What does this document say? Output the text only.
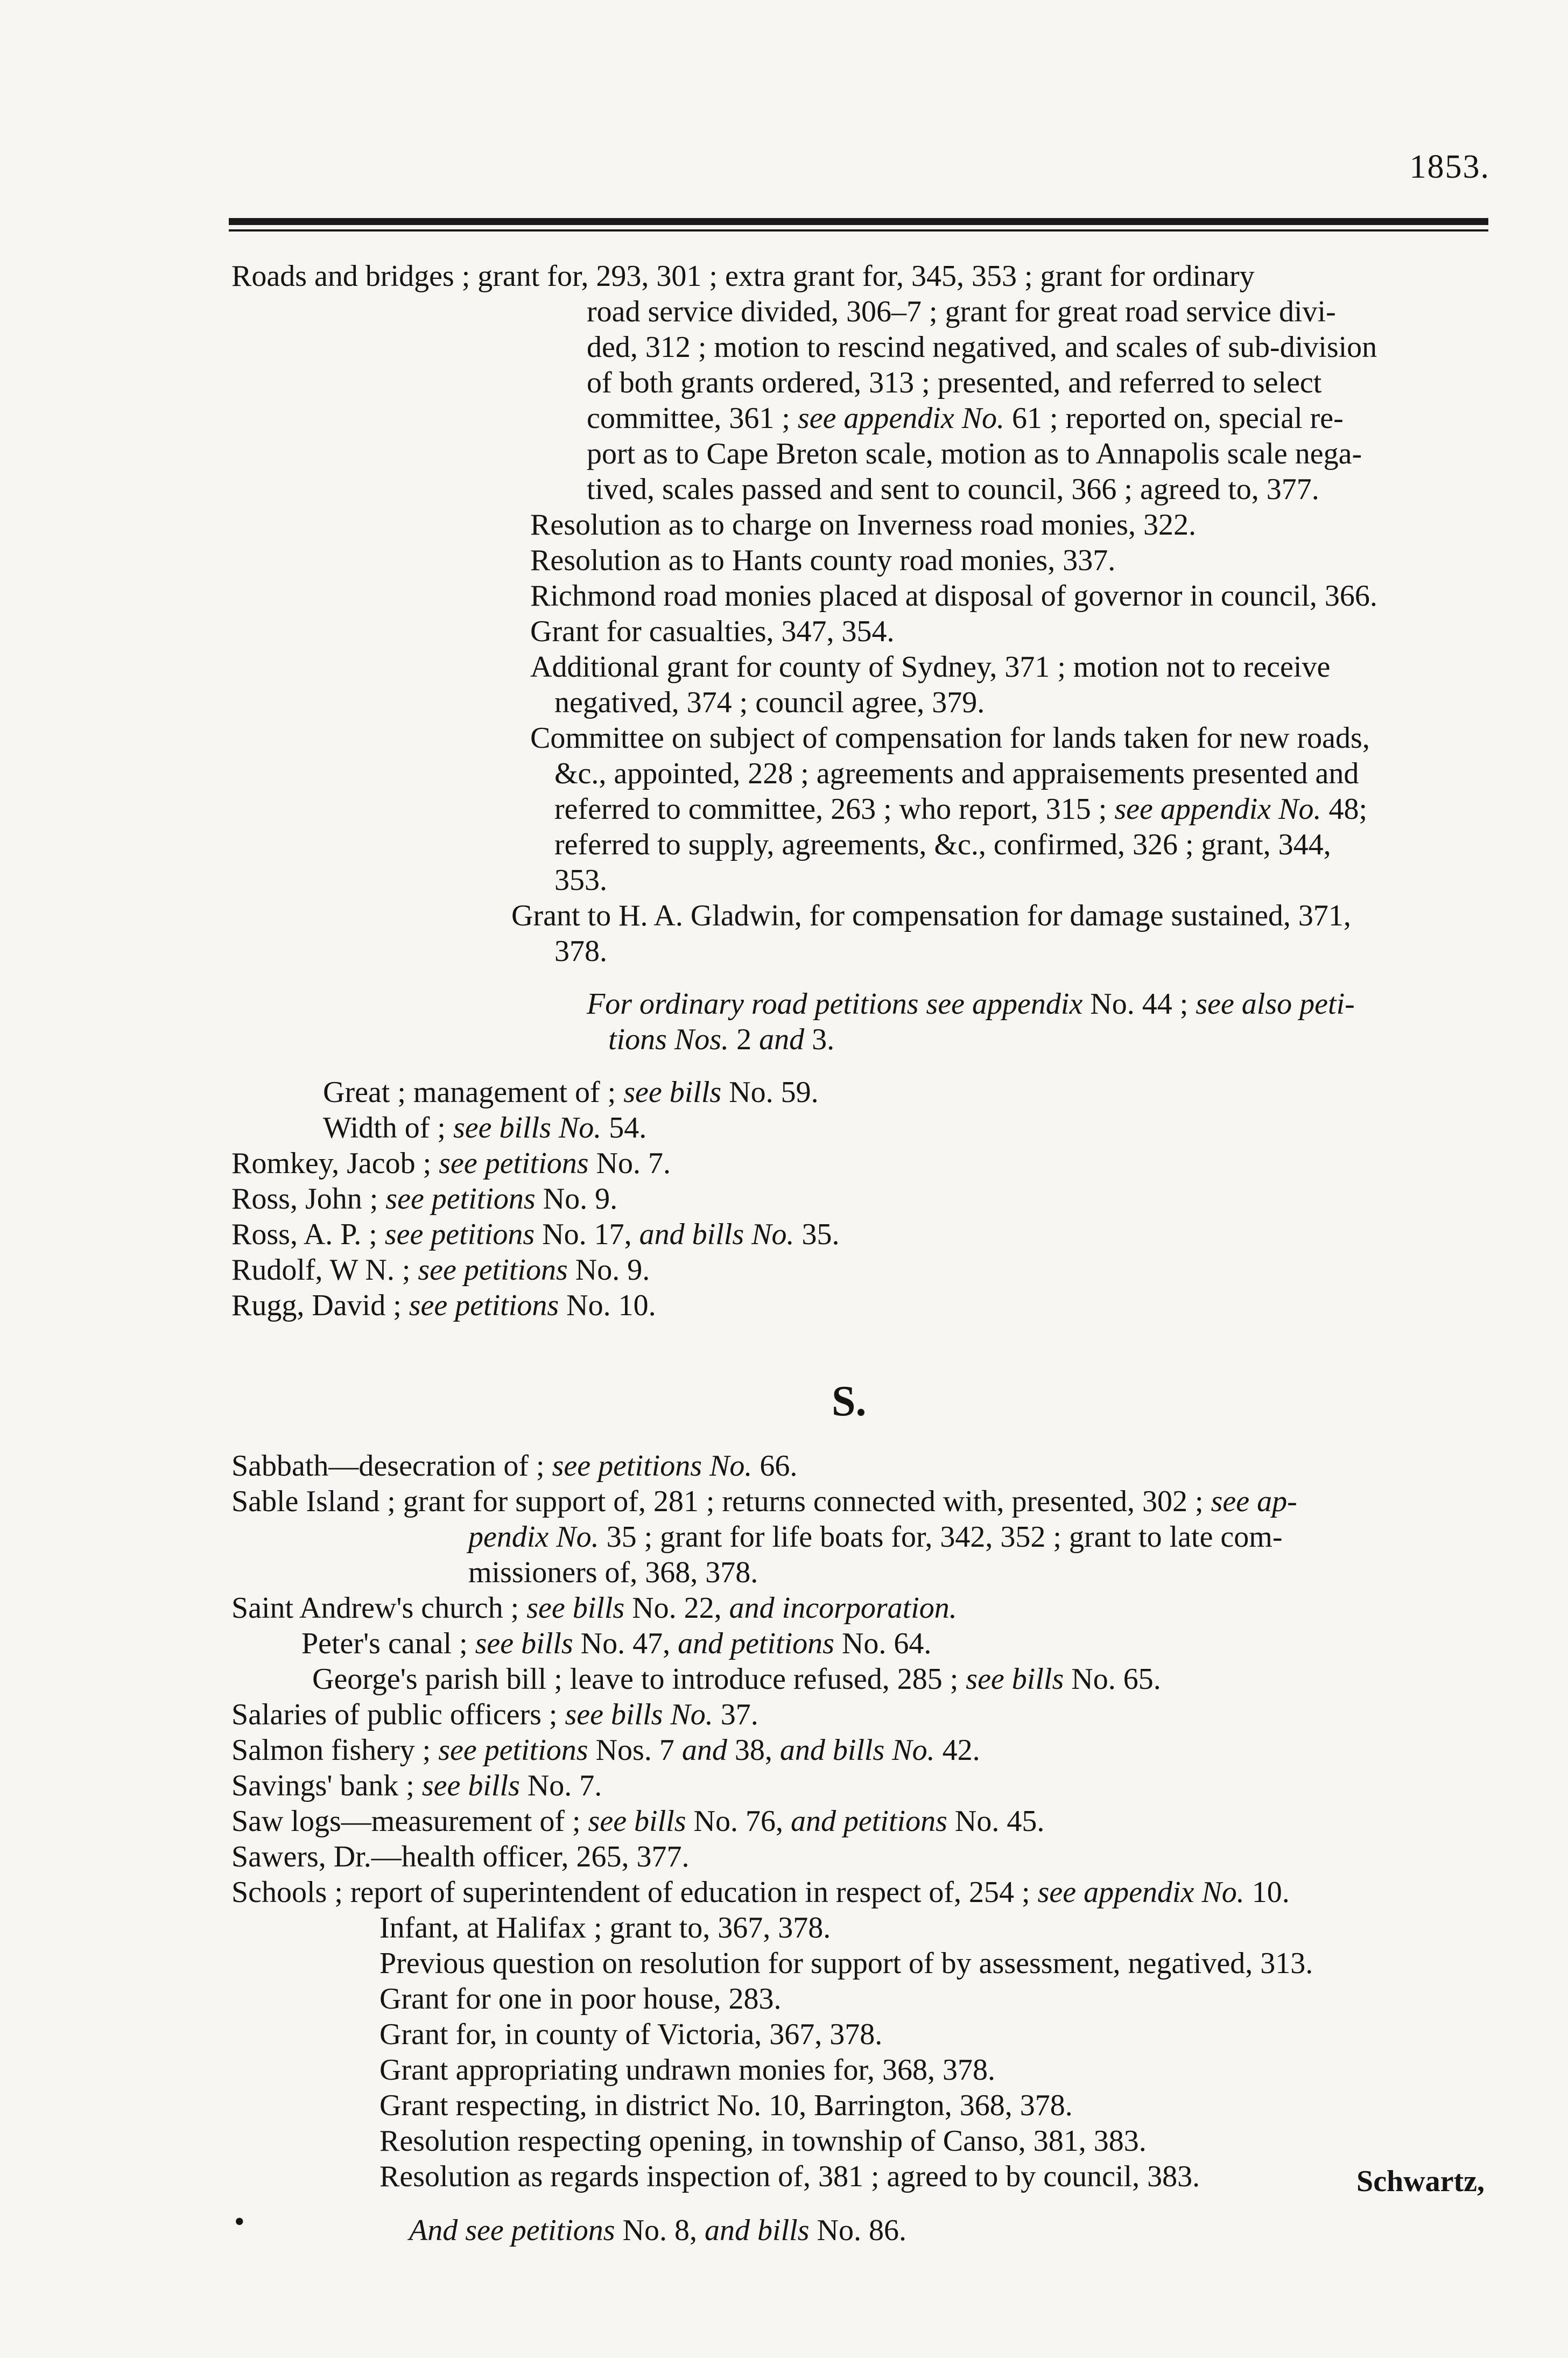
1853.
Roads and bridges ; grant for, 293, 301 ; extra grant for, 345, 353 ; grant for ordinary
road service divided, 306–7 ; grant for great road service divi-
ded, 312 ; motion to rescind negatived, and scales of sub-division
of both grants ordered, 313 ; presented, and referred to select
committee, 361 ; see appendix No. 61 ; reported on, special re-
port as to Cape Breton scale, motion as to Annapolis scale nega-
tived, scales passed and sent to council, 366 ; agreed to, 377.
Resolution as to charge on Inverness road monies, 322.
Resolution as to Hants county road monies, 337.
Richmond road monies placed at disposal of governor in council, 366.
Grant for casualties, 347, 354.
Additional grant for county of Sydney, 371 ; motion not to receive
negatived, 374 ; council agree, 379.
Committee on subject of compensation for lands taken for new roads,
&c., appointed, 228 ; agreements and appraisements presented and
referred to committee, 263 ; who report, 315 ; see appendix No. 48;
referred to supply, agreements, &c., confirmed, 326 ; grant, 344,
353.
Grant to H. A. Gladwin, for compensation for damage sustained, 371,
378.
For ordinary road petitions see appendix No. 44 ; see also peti-
tions Nos. 2 and 3.
Great ; management of ; see bills No. 59.
Width of ; see bills No. 54.
Romkey, Jacob ; see petitions No. 7.
Ross, John ; see petitions No. 9.
Ross, A. P. ; see petitions No. 17, and bills No. 35.
Rudolf, W N. ; see petitions No. 9.
Rugg, David ; see petitions No. 10.
Sabbath—desecration of ; see petitions No. 66.
Sable Island ; grant for support of, 281 ; returns connected with, presented, 302 ; see ap-
pendix No. 35 ; grant for life boats for, 342, 352 ; grant to late com-
missioners of, 368, 378.
Saint Andrew's church ; see bills No. 22, and incorporation.
Peter's canal ; see bills No. 47, and petitions No. 64.
George's parish bill ; leave to introduce refused, 285 ; see bills No. 65.
Salaries of public officers ; see bills No. 37.
Salmon fishery ; see petitions Nos. 7 and 38, and bills No. 42.
Savings' bank ; see bills No. 7.
Saw logs—measurement of ; see bills No. 76, and petitions No. 45.
Sawers, Dr.—health officer, 265, 377.
Schools ; report of superintendent of education in respect of, 254 ; see appendix No. 10.
Infant, at Halifax ; grant to, 367, 378.
Previous question on resolution for support of by assessment, negatived, 313.
Grant for one in poor house, 283.
Grant for, in county of Victoria, 367, 378.
Grant appropriating undrawn monies for, 368, 378.
Grant respecting, in district No. 10, Barrington, 368, 378.
Resolution respecting opening, in township of Canso, 381, 383.
Resolution as regards inspection of, 381 ; agreed to by council, 383.
And see petitions No. 8, and bills No. 86.
S.
Schwartz,
•
